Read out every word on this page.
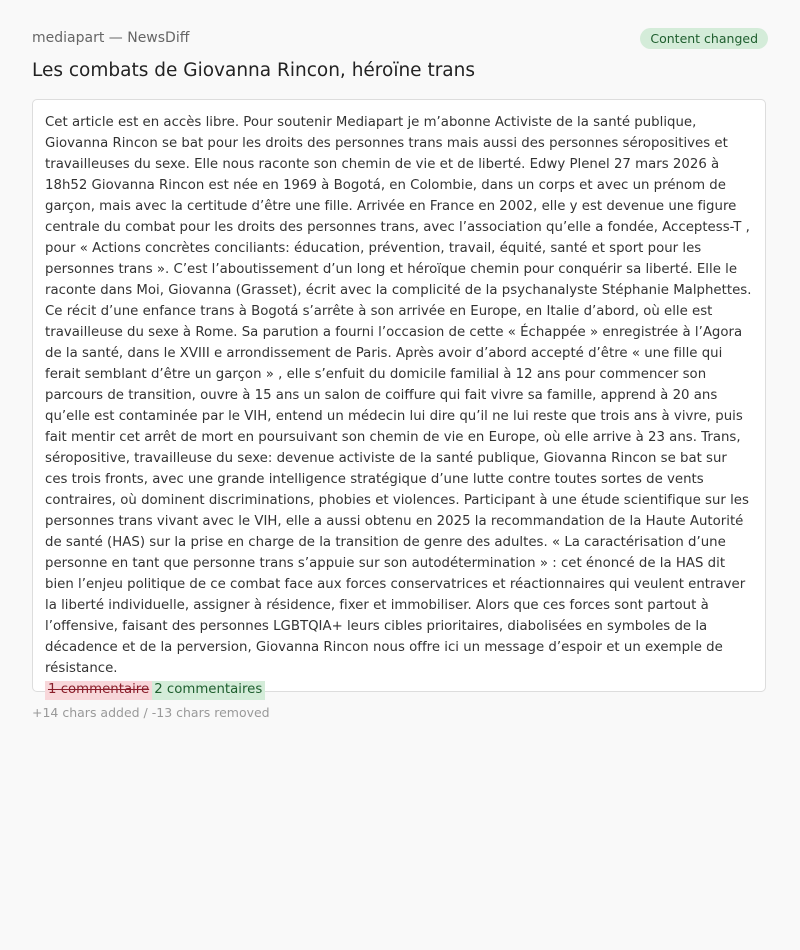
mediapart — NewsDiff	Content changed
Les combats de Giovanna Rincon, héroïne trans
Cet article est en accès libre. Pour soutenir Mediapart je m’abonne Activiste de la santé publique, Giovanna Rincon se bat pour les droits des personnes trans mais aussi des personnes séropositives et travailleuses du sexe. Elle nous raconte son chemin de vie et de liberté. Edwy Plenel 27 mars 2026 à 18h52 Giovanna Rincon est née en 1969 à Bogotá, en Colombie, dans un corps et avec un prénom de garçon, mais avec la certitude d’être une fille. Arrivée en France en 2002, elle y est devenue une figure centrale du combat pour les droits des personnes trans, avec l’association qu’elle a fondée, Acceptess-T , pour « Actions concrètes conciliants: éducation, prévention, travail, équité, santé et sport pour les personnes trans ». C’est l’aboutissement d’un long et héroïque chemin pour conquérir sa liberté. Elle le raconte dans Moi, Giovanna (Grasset), écrit avec la complicité de la psychanalyste Stéphanie Malphettes. Ce récit d’une enfance trans à Bogotá s’arrête à son arrivée en Europe, en Italie d’abord, où elle est travailleuse du sexe à Rome. Sa parution a fourni l’occasion de cette « Échappée » enregistrée à l’Agora de la santé, dans le XVIII e arrondissement de Paris. Après avoir d’abord accepté d’être « une fille qui ferait semblant d’être un garçon » , elle s’enfuit du domicile familial à 12 ans pour commencer son parcours de transition, ouvre à 15 ans un salon de coiffure qui fait vivre sa famille, apprend à 20 ans qu’elle est contaminée par le VIH, entend un médecin lui dire qu’il ne lui reste que trois ans à vivre, puis fait mentir cet arrêt de mort en poursuivant son chemin de vie en Europe, où elle arrive à 23 ans. Trans, séropositive, travailleuse du sexe: devenue activiste de la santé publique, Giovanna Rincon se bat sur ces trois fronts, avec une grande intelligence stratégique d’une lutte contre toutes sortes de vents contraires, où dominent discriminations, phobies et violences. Participant à une étude scientifique sur les personnes trans vivant avec le VIH, elle a aussi obtenu en 2025 la recommandation de la Haute Autorité de santé (HAS) sur la prise en charge de la transition de genre des adultes. « La caractérisation d’une personne en tant que personne trans s’appuie sur son autodétermination » : cet énoncé de la HAS dit bien l’enjeu politique de ce combat face aux forces conservatrices et réactionnaires qui veulent entraver la liberté individuelle, assigner à résidence, fixer et immobiliser. Alors que ces forces sont partout à l’offensive, faisant des personnes LGBTQIA+ leurs cibles prioritaires, diabolisées en symboles de la décadence et de la perversion, Giovanna Rincon nous offre ici un message d’espoir et un exemple de résistance.
1 commentaire 2 commentaires
+14 chars added / -13 chars removed
